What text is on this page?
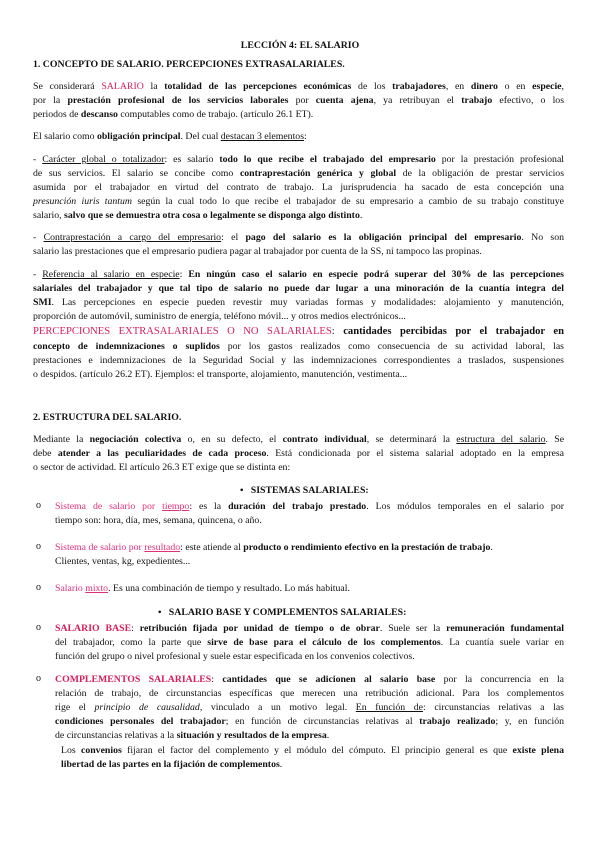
LECCIÓN 4: EL SALARIO
1. CONCEPTO DE SALARIO. PERCEPCIONES EXTRASALARIALES.
Se considerará SALARIO la totalidad de las percepciones económicas de los trabajadores, en dinero o en especie,
por la prestación profesional de los servicios laborales por cuenta ajena, ya retribuyan el trabajo efectivo, o los
periodos de descanso computables como de trabajo. (artículo 26.1 ET).
El salario como obligación principal. Del cual destacan 3 elementos:
- Carácter global o totalizador: es salario todo lo que recibe el trabajado del empresario por la prestación profesional
de sus servicios. El salario se concibe como contraprestación genérica y global de la obligación de prestar servicios
asumida por el trabajador en virtud del contrato de trabajo. La jurisprudencia ha sacado de esta concepción una
presunción iuris tantum según la cual todo lo que recibe el trabajador de su empresario a cambio de su trabajo constituye
salario, salvo que se demuestra otra cosa o legalmente se disponga algo distinto.
- Contraprestación a cargo del empresario: el pago del salario es la obligación principal del empresario. No son
salario las prestaciones que el empresario pudiera pagar al trabajador por cuenta de la SS, ni tampoco las propinas.
- Referencia al salario en especie: En ningún caso el salario en especie podrá superar del 30% de las percepciones
salariales del trabajador y que tal tipo de salario no puede dar lugar a una minoración de la cuantía integra del
SMI. Las percepciones en especie pueden revestir muy variadas formas y modalidades: alojamiento y manutención,
proporción de automóvil, suministro de energía, teléfono móvil... y otros medios electrónicos...
PERCEPCIONES EXTRASALARIALES O NO SALARIALES: cantidades percibidas por el trabajador en
concepto de indemnizaciones o suplidos por los gastos realizados como consecuencia de su actividad laboral, las
prestaciones e indemnizaciones de la Seguridad Social y las indemnizaciones correspondientes a traslados, suspensiones
o despidos. (artículo 26.2 ET). Ejemplos: el transporte, alojamiento, manutención, vestimenta...
2. ESTRUCTURA DEL SALARIO.
Mediante la negociación colectiva o, en su defecto, el contrato individual, se determinará la estructura del salario. Se
debe atender a las peculiaridades de cada proceso. Está condicionada por el sistema salarial adoptado en la empresa
o sector de actividad. El artículo 26.3 ET exige que se distinta en:
• SISTEMAS SALARIALES:
o Sistema de salario por tiempo: es la duración del trabajo prestado. Los módulos temporales en el salario por
tiempo son: hora, día, mes, semana, quincena, o año.
o Sistema de salario por resultado: este atiende al producto o rendimiento efectivo en la prestación de trabajo.
Clientes, ventas, kg, expedientes...
o Salario mixto. Es una combinación de tiempo y resultado. Lo más habitual.
• SALARIO BASE Y COMPLEMENTOS SALARIALES:
o SALARIO BASE: retribución fijada por unidad de tiempo o de obrar. Suele ser la remuneración fundamental
del trabajador, como la parte que sirve de base para el cálculo de los complementos. La cuantía suele variar en
función del grupo o nivel profesional y suele estar especificada en los convenios colectivos.
o COMPLEMENTOS SALARIALES: cantidades que se adicionen al salario base por la concurrencia en la
relación de trabajo, de circunstancias específicas que merecen una retribución adicional. Para los complementos
rige el principio de causalidad, vinculado a un motivo legal. En función de: circunstancias relativas a las
condiciones personales del trabajador; en función de circunstancias relativas al trabajo realizado; y, en función
de circunstancias relativas a la situación y resultados de la empresa.
Los convenios fijaran el factor del complemento y el módulo del cómputo. El principio general es que existe plena
libertad de las partes en la fijación de complementos.
